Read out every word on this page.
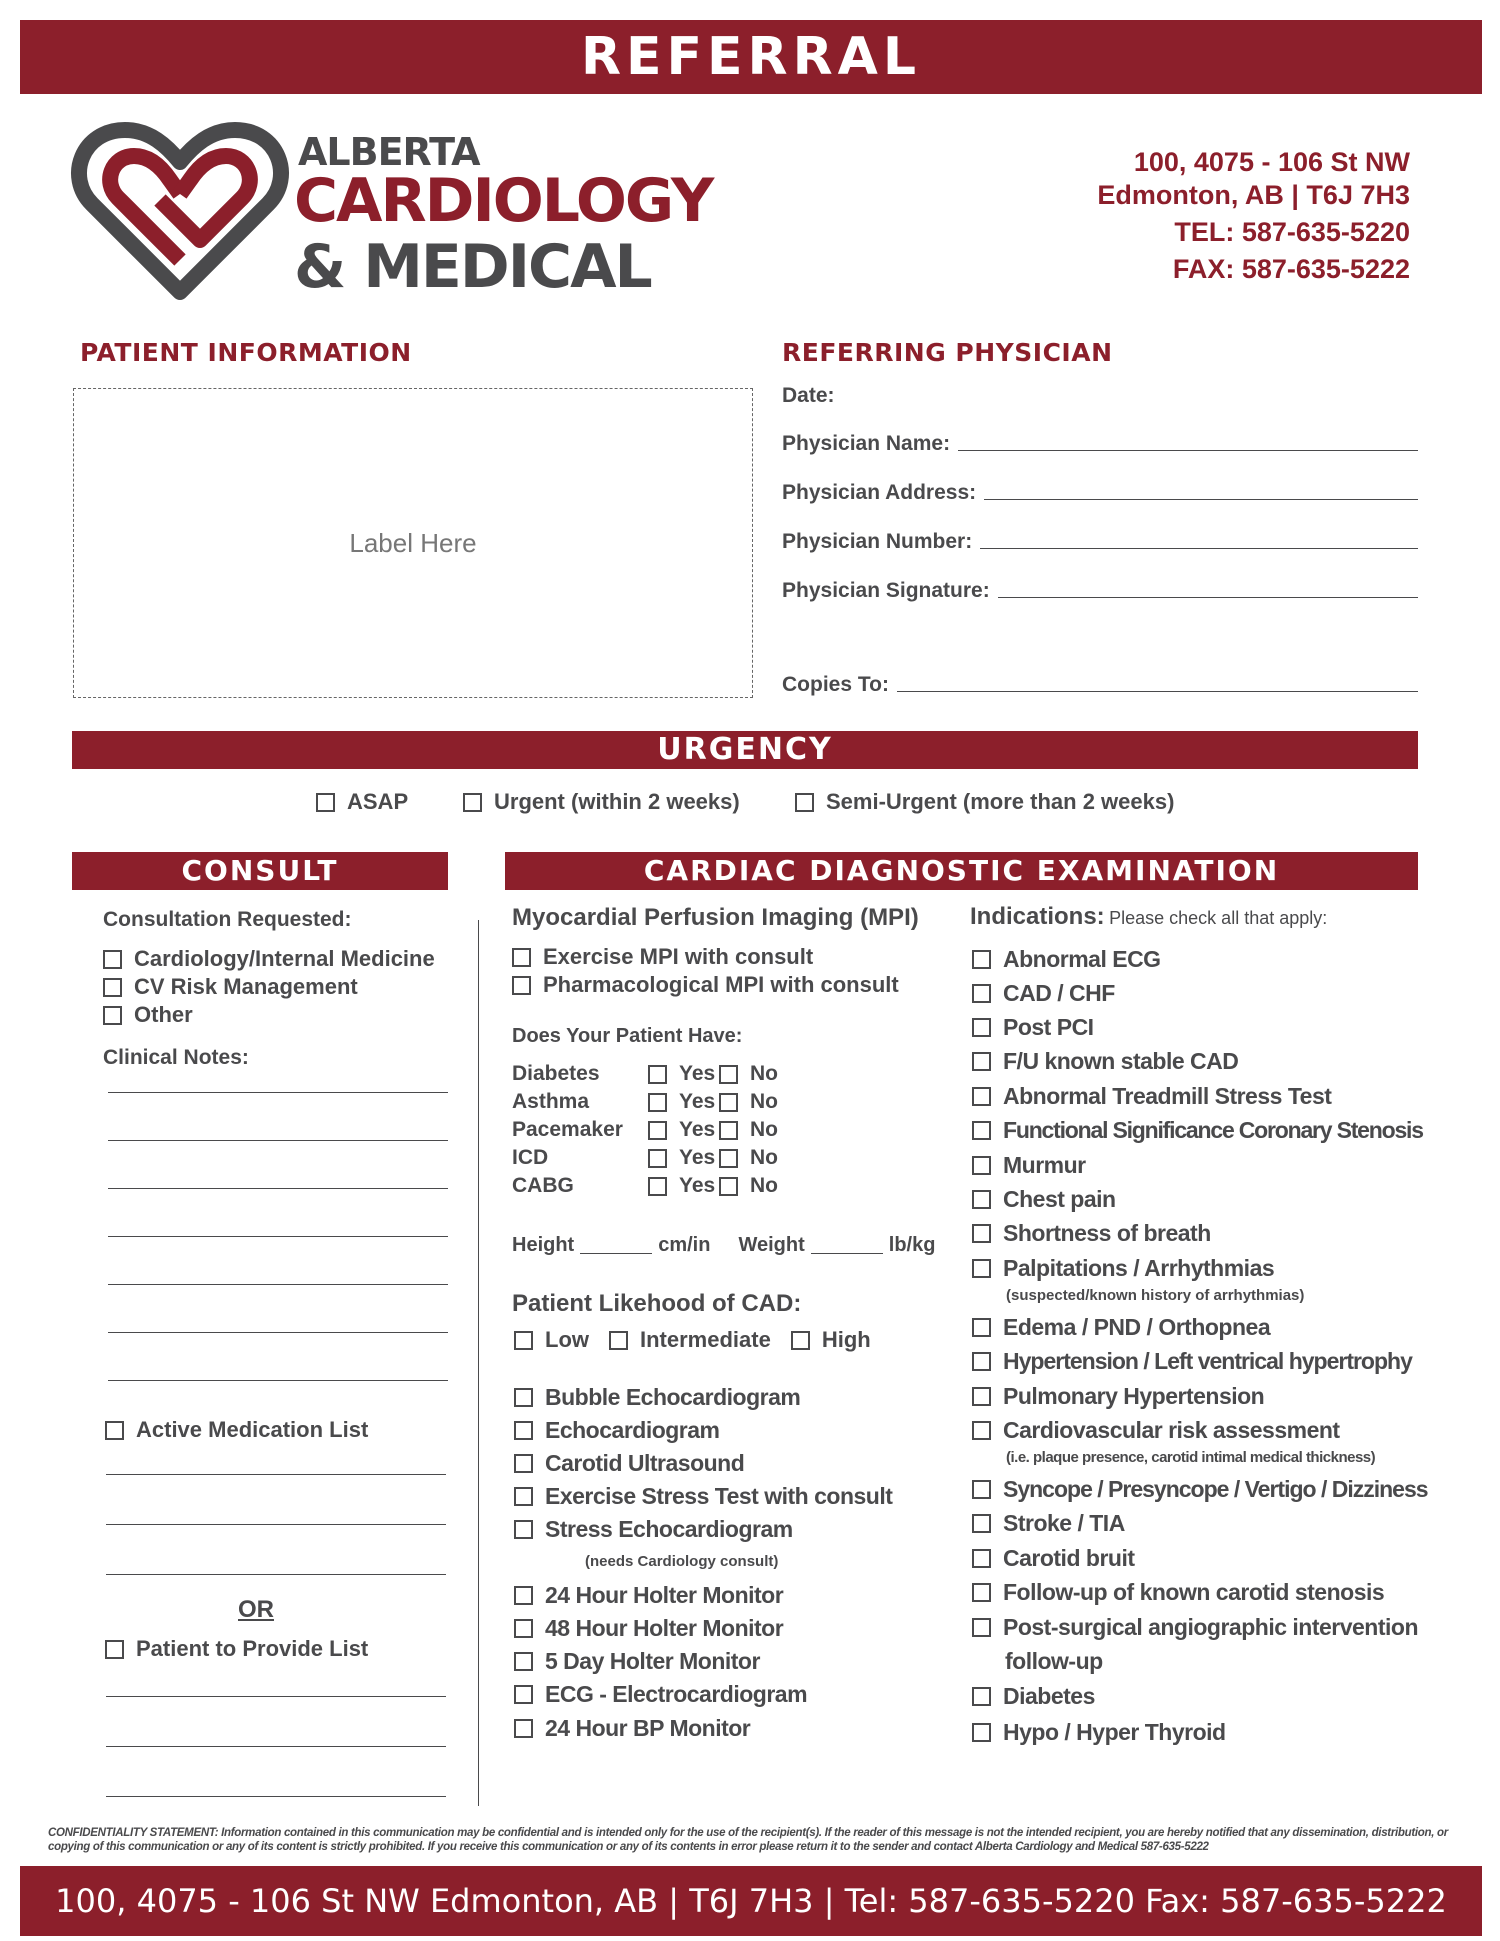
REFERRAL
ALBERTA
CARDIOLOGY
& MEDICAL
100, 4075 - 106 St NW
Edmonton, AB | T6J 7H3
TEL: 587-635-5220
FAX: 587-635-5222
PATIENT INFORMATION
Label Here
REFERRING PHYSICIAN
Date:
Physician Name:
Physician Address:
Physician Number:
Physician Signature:
Copies To:
URGENCY
ASAP	Urgent (within 2 weeks)	Semi-Urgent (more than 2 weeks)
CONSULT
Consultation Requested:
Cardiology/Internal Medicine
CV Risk Management
Other
Clinical Notes:
Active Medication List
OR
Patient to Provide List
CARDIAC DIAGNOSTIC EXAMINATION
Myocardial Perfusion Imaging (MPI)
Exercise MPI with consult
Pharmacological MPI with consult
Does Your Patient Have:
Diabetes	Yes No
Asthma	Yes No
Pacemaker	Yes No
ICD	Yes No
CABG	Yes No
Height	cm/in Weight	lb/kg
Patient Likehood of CAD:
Low Intermediate High
Bubble Echocardiogram
Echocardiogram
Carotid Ultrasound
Exercise Stress Test with consult
Stress Echocardiogram
(needs Cardiology consult)
24 Hour Holter Monitor
48 Hour Holter Monitor
5 Day Holter Monitor
ECG - Electrocardiogram
24 Hour BP Monitor
Indications: Please check all that apply:
Abnormal ECG
CAD / CHF
Post PCI
F/U known stable CAD
Abnormal Treadmill Stress Test
Functional Significance Coronary Stenosis
Murmur
Chest pain
Shortness of breath
Palpitations / Arrhythmias
(suspected/known history of arrhythmias)
Edema / PND / Orthopnea
Hypertension / Left ventrical hypertrophy
Pulmonary Hypertension
Cardiovascular risk assessment
(i.e. plaque presence, carotid intimal medical thickness)
Syncope / Presyncope / Vertigo / Dizziness
Stroke / TIA
Carotid bruit
Follow-up of known carotid stenosis
Post-surgical angiographic intervention
follow-up
Diabetes
Hypo / Hyper Thyroid
CONFIDENTIALITY STATEMENT: Information contained in this communication may be confidential and is intended only for the use of the recipient(s). If the reader of this message is not the intended recipient, you are hereby notified that any dissemination, distribution, or copying of this communication or any of its content is strictly prohibited. If you receive this communication or any of its contents in error please return it to the sender and contact Alberta Cardiology and Medical 587-635-5222
100, 4075 - 106 St NW Edmonton, AB | T6J 7H3 | Tel: 587-635-5220 Fax: 587-635-5222
